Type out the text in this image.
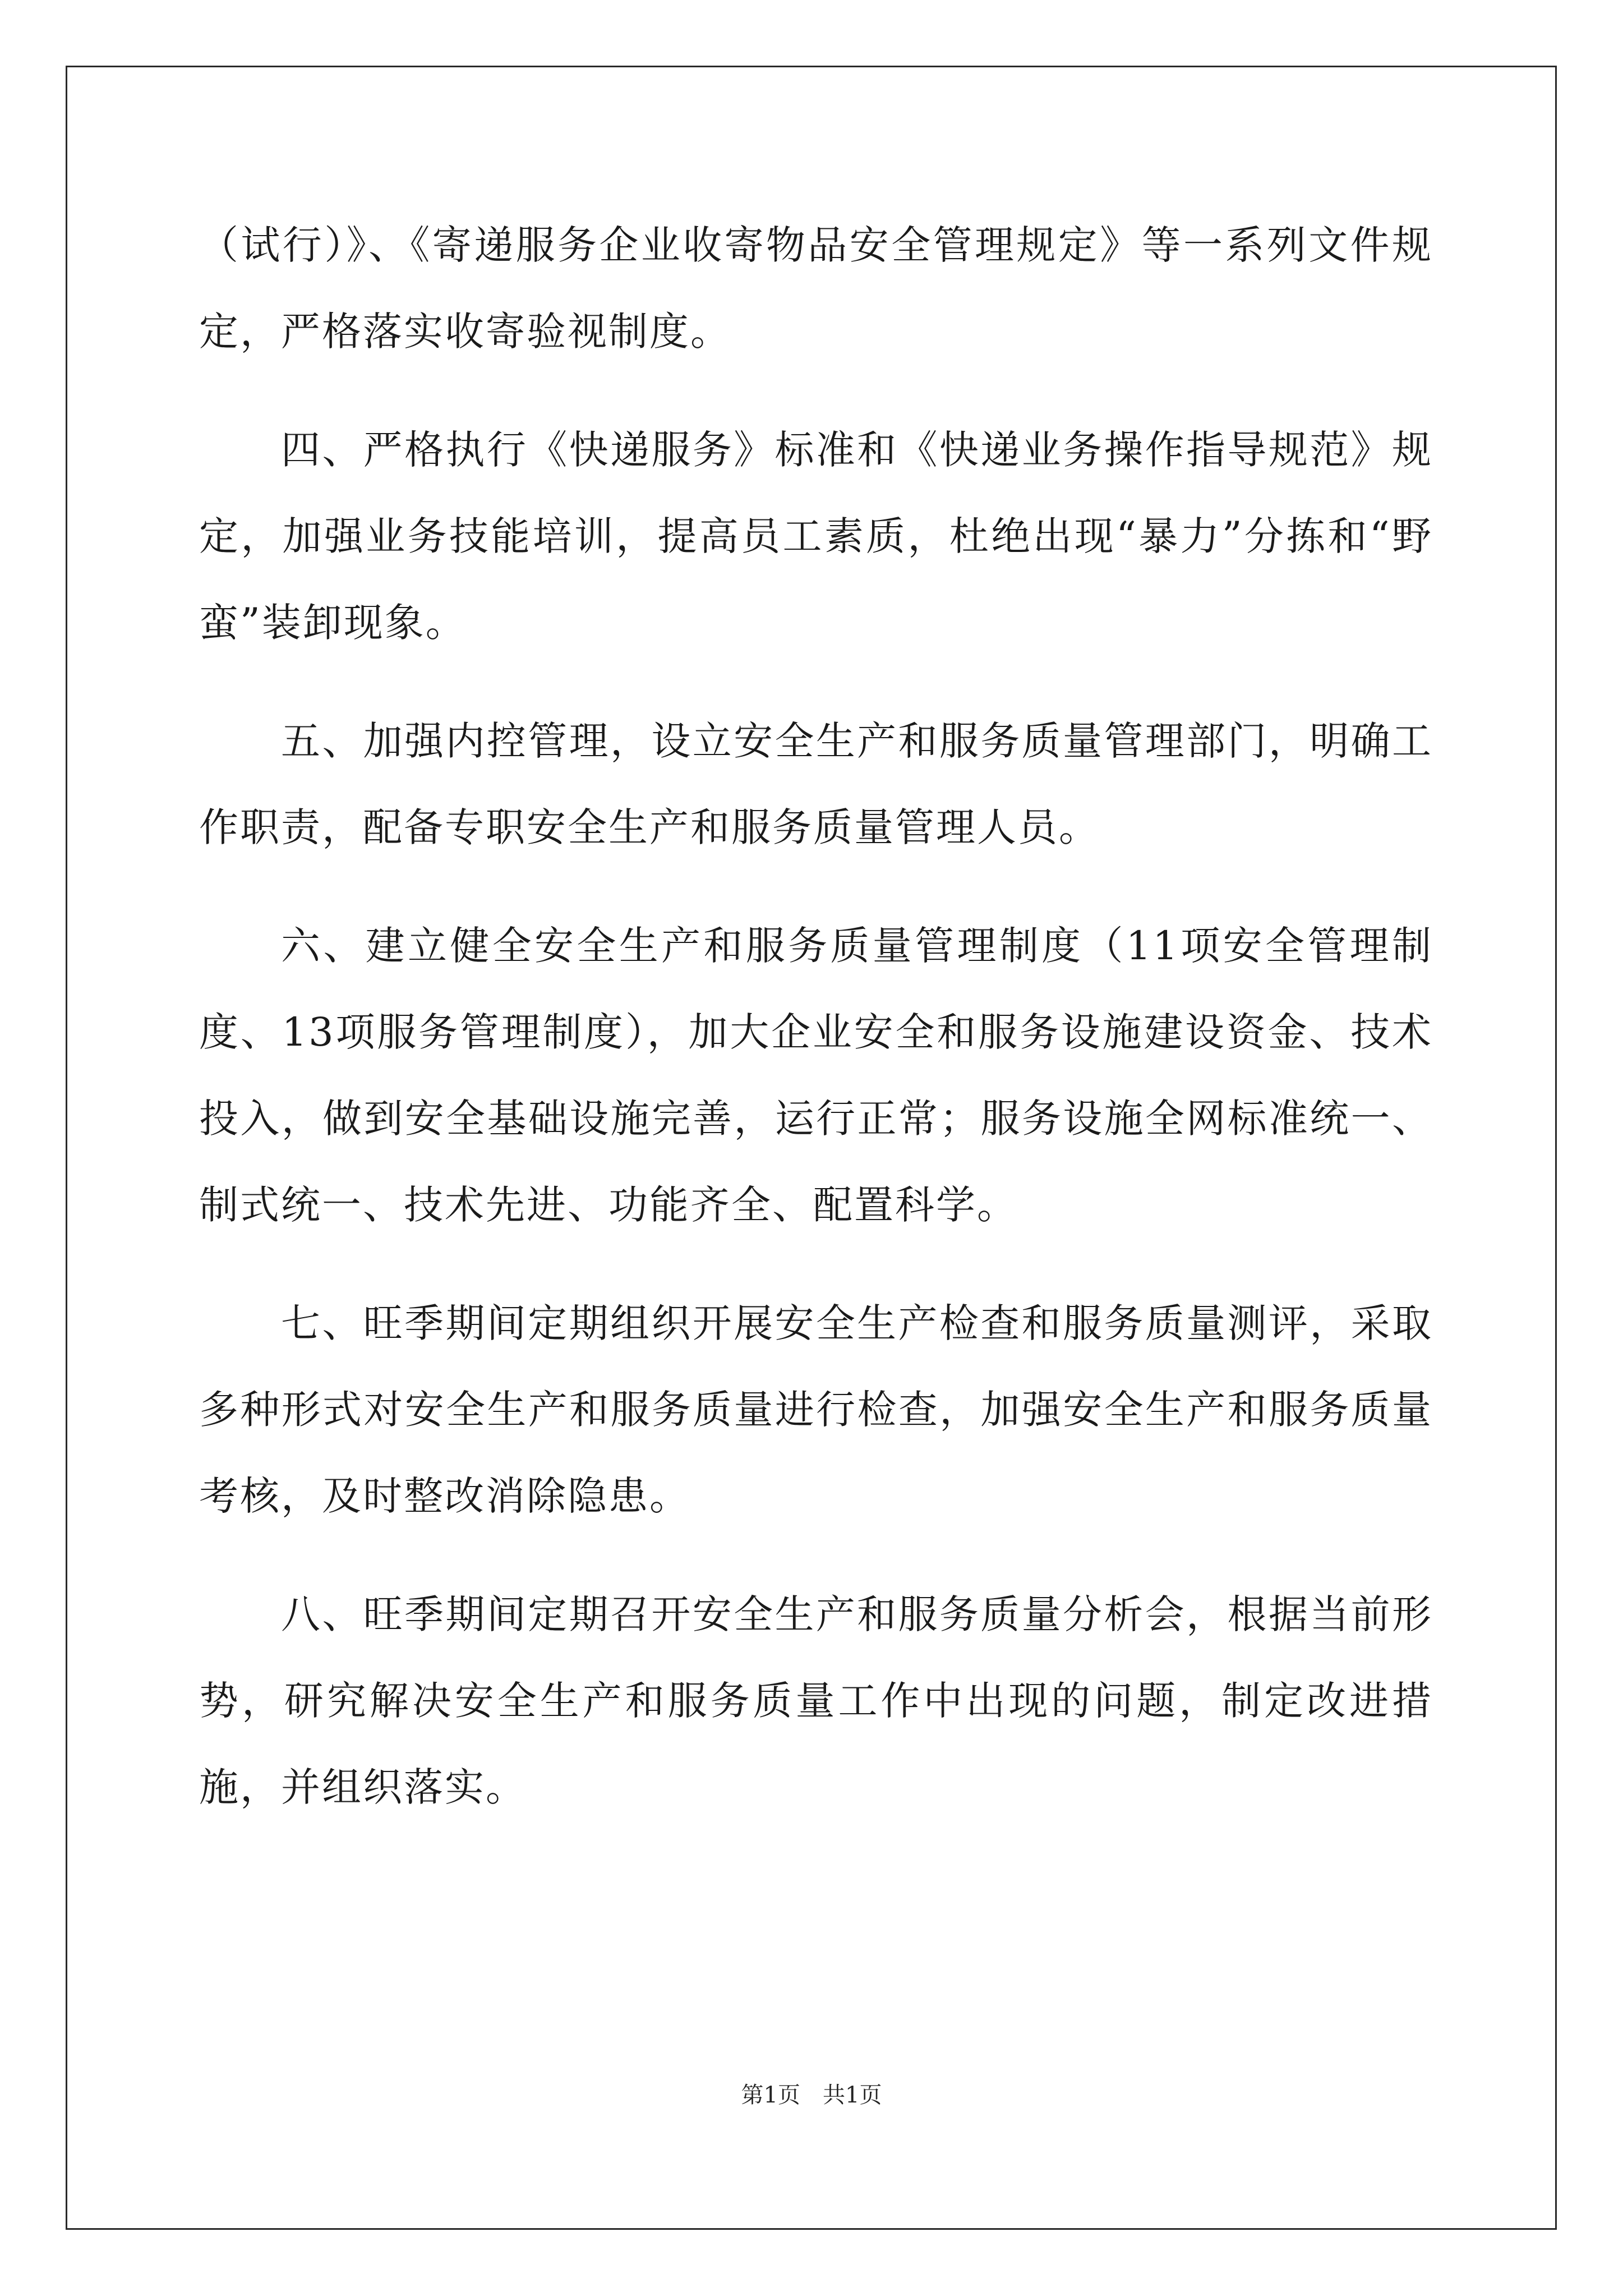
（试行）》、《寄递服务企业收寄物品安全管理规定》等一系列文件规定，严格落实收寄验视制度。

四、严格执行《快递服务》标准和《快递业务操作指导规范》规定，加强业务技能培训，提高员工素质，杜绝出现“暴力”分拣和“野蛮”装卸现象。

五、加强内控管理，设立安全生产和服务质量管理部门，明确工作职责，配备专职安全生产和服务质量管理人员。

六、建立健全安全生产和服务质量管理制度（11项安全管理制度、13项服务管理制度），加大企业安全和服务设施建设资金、技术投入，做到安全基础设施完善，运行正常；服务设施全网标准统一、制式统一、技术先进、功能齐全、配置科学。

七、旺季期间定期组织开展安全生产检查和服务质量测评，采取多种形式对安全生产和服务质量进行检查，加强安全生产和服务质量考核，及时整改消除隐患。

八、旺季期间定期召开安全生产和服务质量分析会，根据当前形势，研究解决安全生产和服务质量工作中出现的问题，制定改进措施，并组织落实。

第1页 共1页
